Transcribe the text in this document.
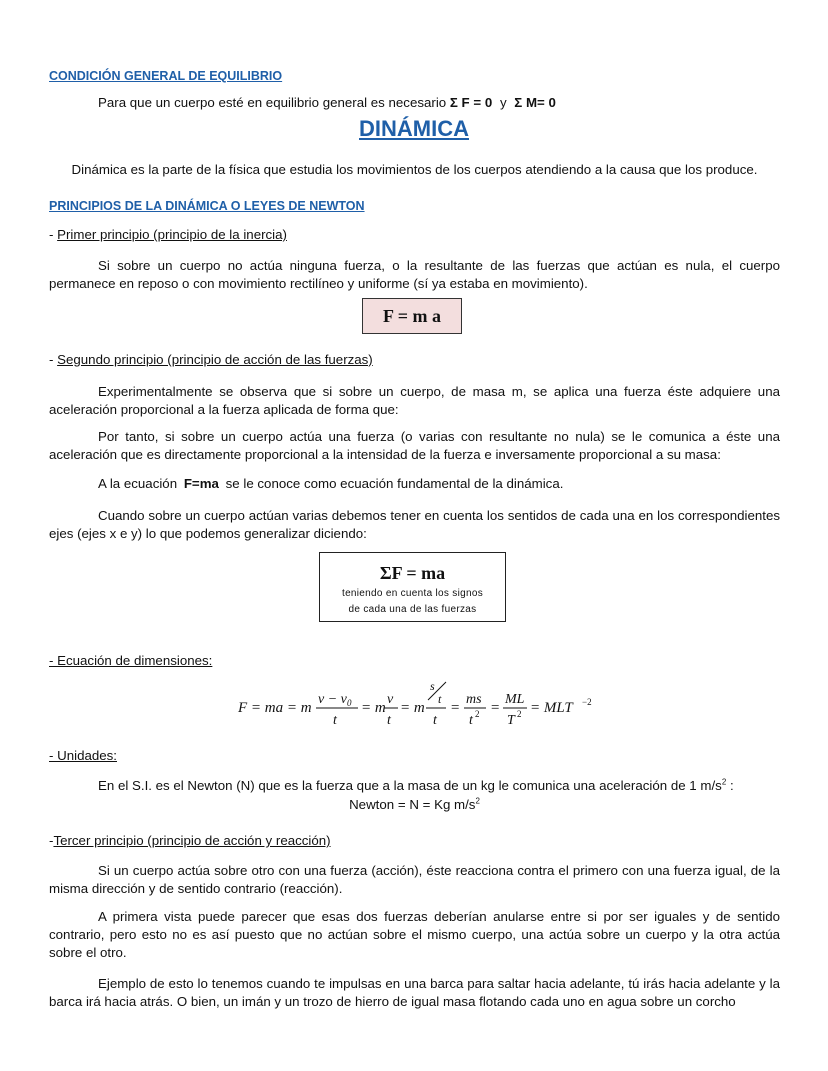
CONDICIÓN GENERAL DE EQUILIBRIO
Para que un cuerpo esté en equilibrio general es necesario Σ F = 0 y Σ M= 0
DINÁMICA
Dinámica es la parte de la física que estudia los movimientos de los cuerpos atendiendo a la causa que los produce.
PRINCIPIOS DE LA DINÁMICA O LEYES DE NEWTON
- Primer principio (principio de la inercia)
Si sobre un cuerpo no actúa ninguna fuerza, o la resultante de las fuerzas que actúan es nula, el cuerpo permanece en reposo o con movimiento rectilíneo y uniforme (sí ya estaba en movimiento).
F = m a
- Segundo principio (principio de acción de las fuerzas)
Experimentalmente se observa que si sobre un cuerpo, de masa m, se aplica una fuerza éste adquiere una aceleración proporcional a la fuerza aplicada de forma que:
Por tanto, si sobre un cuerpo actúa una fuerza (o varias con resultante no nula) se le comunica a éste una aceleración que es directamente proporcional a la intensidad de la fuerza e inversamente proporcional a su masa:
A la ecuación F=ma se le conoce como ecuación fundamental de la dinámica.
Cuando sobre un cuerpo actúan varias debemos tener en cuenta los sentidos de cada una en los correspondientes ejes (ejes x e y) lo que podemos generalizar diciendo:
ΣF = ma
teniendo en cuenta los signos
de cada una de las fuerzas
- Ecuación de dimensiones:
F = ma = m
v − v 0
t
= m
v
t
= m
s
t
t
=
ms
t 2 =
ML
T 2 = MLT −2
- Unidades:
En el S.I. es el Newton (N) que es la fuerza que a la masa de un kg le comunica una aceleración de 1 $m/s^2$ :
Newton = N = Kg $m/s^2$
-Tercer principio (principio de acción y reacción)
Si un cuerpo actúa sobre otro con una fuerza (acción), éste reacciona contra el primero con una fuerza igual, de la misma dirección y de sentido contrario (reacción).
A primera vista puede parecer que esas dos fuerzas deberían anularse entre si por ser iguales y de sentido contrario, pero esto no es así puesto que no actúan sobre el mismo cuerpo, una actúa sobre un cuerpo y la otra actúa sobre el otro.
Ejemplo de esto lo tenemos cuando te impulsas en una barca para saltar hacia adelante, tú irás hacia adelante y la barca irá hacia atrás. O bien, un imán y un trozo de hierro de igual masa flotando cada uno en agua sobre un corcho
